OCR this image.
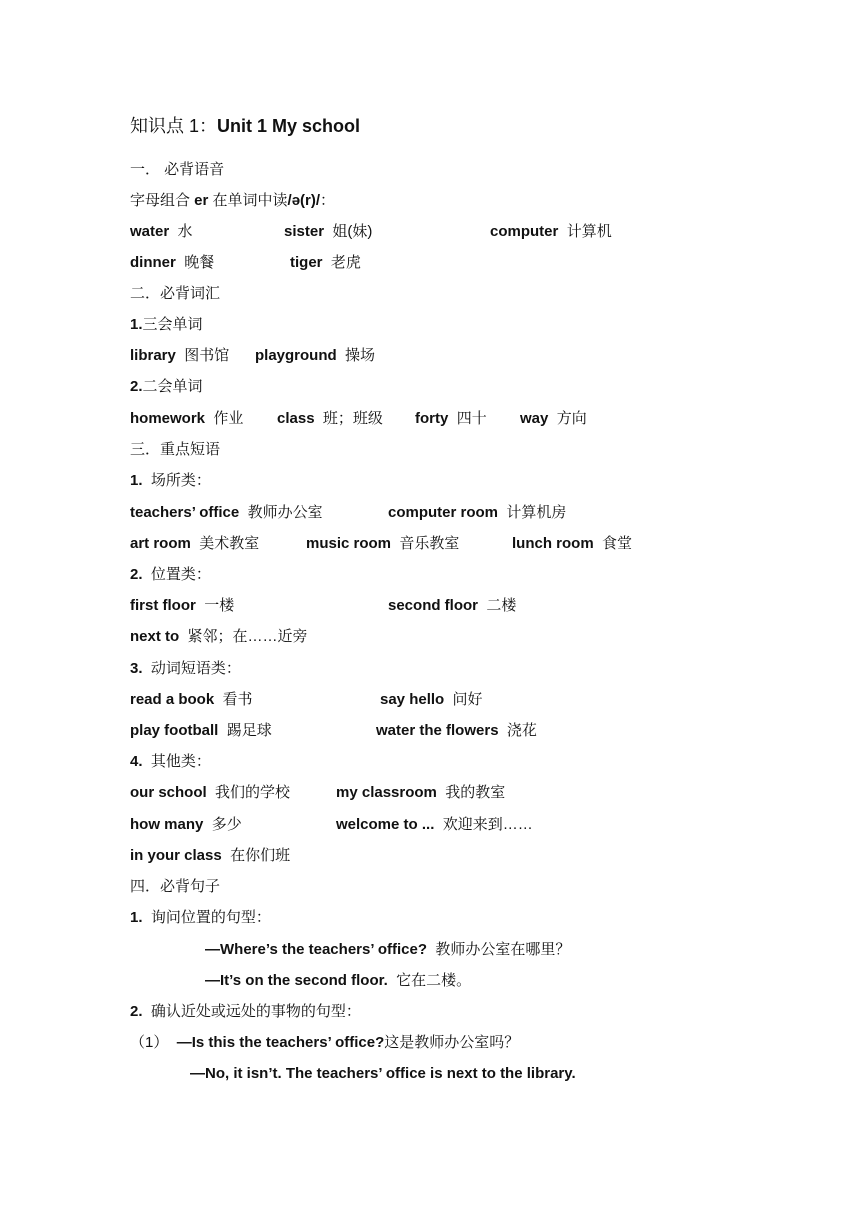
知识点 1：Unit 1 My school
一． 必背语音
字母组合 er 在单词中读/ə(r)/：
water 水	sister 姐(妹)	computer 计算机
dinner 晚餐	tiger 老虎
二．必背词汇
1.三会单词
library 图书馆 playground 操场
2.二会单词
homework 作业 class 班；班级 forty 四十 way 方向
三．重点短语
1. 场所类：
teachers’ office 教师办公室	computer room 计算机房
art room 美术教室	music room 音乐教室	lunch room 食堂
2. 位置类：
first floor 一楼	second floor 二楼
next to 紧邻；在……近旁
3. 动词短语类：
read a book 看书	say hello 问好
play football 踢足球	water the flowers 浇花
4. 其他类：
our school 我们的学校	my classroom 我的教室
how many 多少	welcome to ... 欢迎来到……
in your class 在你们班
四．必背句子
1. 询问位置的句型：
—Where’s the teachers’ office? 教师办公室在哪里？
—It’s on the second floor. 它在二楼。
2. 确认近处或远处的事物的句型：
（1） —Is this the teachers’ office?这是教师办公室吗？
—No, it isn’t. The teachers’ office is next to the library.
